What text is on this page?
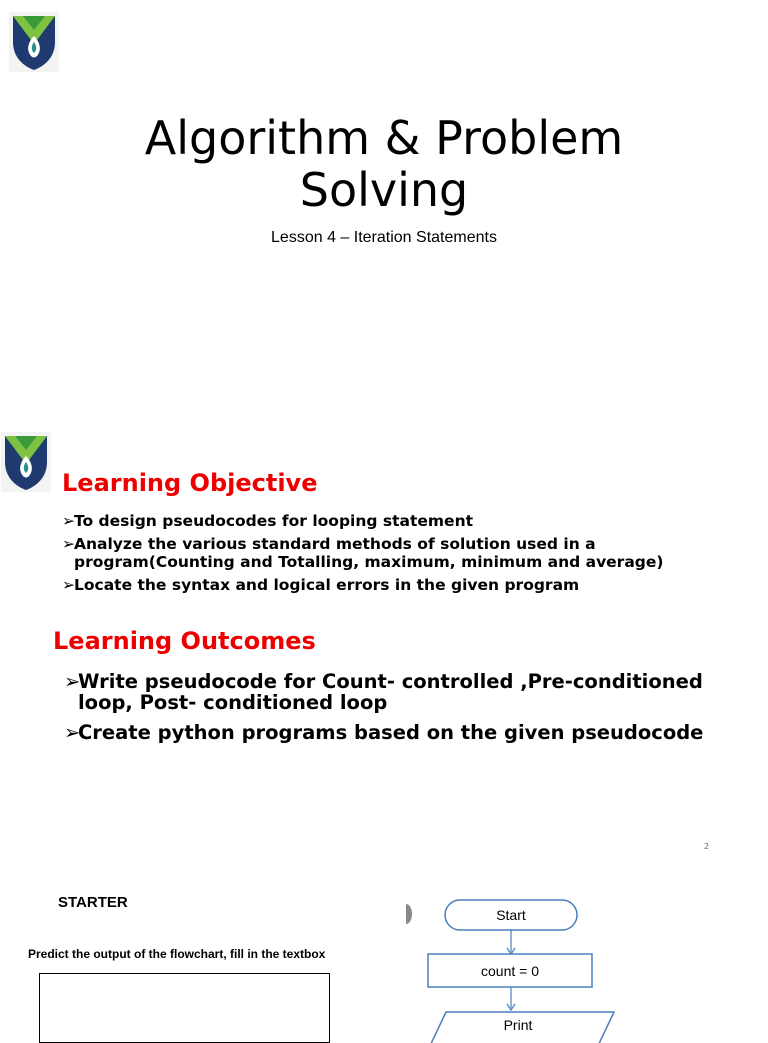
Algorithm & Problem
Solving
Lesson 4 – Iteration Statements
Learning Objective
➢ To design pseudocodes for looping statement
➢ Analyze the various standard methods of solution used in a program(Counting and Totalling, maximum, minimum and average)
➢ Locate the syntax and logical errors in the given program
Learning Outcomes
➢
Write pseudocode for Count- controlled ,Pre-conditioned loop, Post- conditioned loop
➢
Create python programs based on the given pseudocode
2
STARTER
Predict the output of the flowchart, fill in the textbox
Start
count = 0
Print
